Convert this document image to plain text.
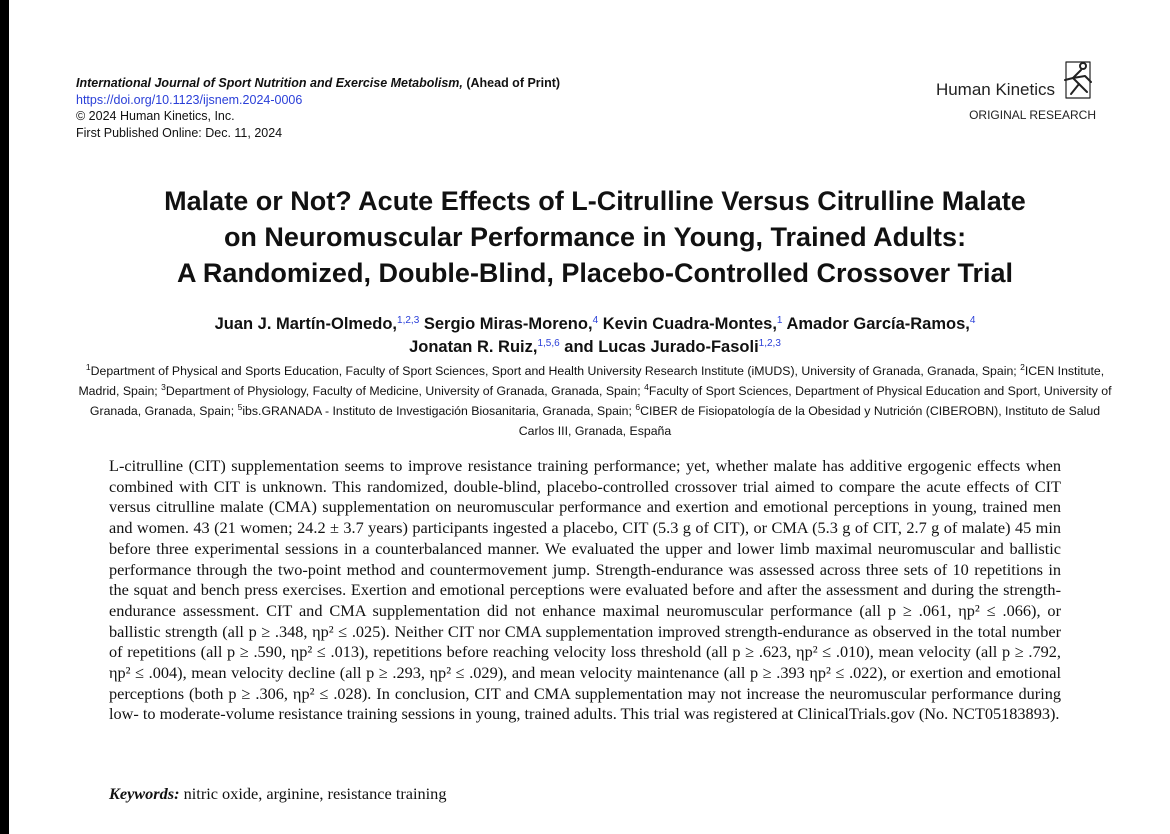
International Journal of Sport Nutrition and Exercise Metabolism, (Ahead of Print)
https://doi.org/10.1123/ijsnem.2024-0006
© 2024 Human Kinetics, Inc.
First Published Online: Dec. 11, 2024
Human Kinetics
ORIGINAL RESEARCH
Malate or Not? Acute Effects of L-Citrulline Versus Citrulline Malate
on Neuromuscular Performance in Young, Trained Adults:
A Randomized, Double-Blind, Placebo-Controlled Crossover Trial
Juan J. Martín-Olmedo,$^{1,2,3}$ Sergio Miras-Moreno,$^4$ Kevin Cuadra-Montes,$^1$ Amador García-Ramos,$^4$
Jonatan R. Ruiz,$^{1,5,6}$ and Lucas Jurado-Fasoli$^{1,2,3}$
$^1$Department of Physical and Sports Education, Faculty of Sport Sciences, Sport and Health University Research Institute (iMUDS), University of Granada, Granada, Spain; $^2$ICEN Institute, Madrid, Spain; $^3$Department of Physiology, Faculty of Medicine, University of Granada, Granada, Spain; $^4$Faculty of Sport Sciences, Department of Physical Education and Sport, University of Granada, Granada, Spain; $^5$ibs.GRANADA - Instituto de Investigación Biosanitaria, Granada, Spain; $^6$CIBER de Fisiopatología de la Obesidad y Nutrición (CIBEROBN), Instituto de Salud Carlos III, Granada, España

L-citrulline (CIT) supplementation seems to improve resistance training performance; yet, whether malate has additive ergogenic effects when combined with CIT is unknown. This randomized, double-blind, placebo-controlled crossover trial aimed to compare the acute effects of CIT versus citrulline malate (CMA) supplementation on neuromuscular performance and exertion and emotional perceptions in young, trained men and women. 43 (21 women; 24.2 ± 3.7 years) participants ingested a placebo, CIT (5.3 g of CIT), or CMA (5.3 g of CIT, 2.7 g of malate) 45 min before three experimental sessions in a counterbalanced manner. We evaluated the upper and lower limb maximal neuromuscular and ballistic performance through the two-point method and countermovement jump. Strength-endurance was assessed across three sets of 10 repetitions in the squat and bench press exercises. Exertion and emotional perceptions were evaluated before and after the assessment and during the strength-endurance assessment. CIT and CMA supplementation did not enhance maximal neuromuscular performance (all p ≥ .061, ηp² ≤ .066), or ballistic strength (all p ≥ .348, ηp² ≤ .025). Neither CIT nor CMA supplementation improved strength-endurance as observed in the total number of repetitions (all p ≥ .590, ηp² ≤ .013), repetitions before reaching velocity loss threshold (all p ≥ .623, ηp² ≤ .010), mean velocity (all p ≥ .792, ηp² ≤ .004), mean velocity decline (all p ≥ .293, ηp² ≤ .029), and mean velocity maintenance (all p ≥ .393 ηp² ≤ .022), or exertion and emotional perceptions (both p ≥ .306, ηp² ≤ .028). In conclusion, CIT and CMA supplementation may not increase the neuromuscular performance during low- to moderate-volume resistance training sessions in young, trained adults. This trial was registered at ClinicalTrials.gov (No. NCT05183893).

Keywords: nitric oxide, arginine, resistance training
